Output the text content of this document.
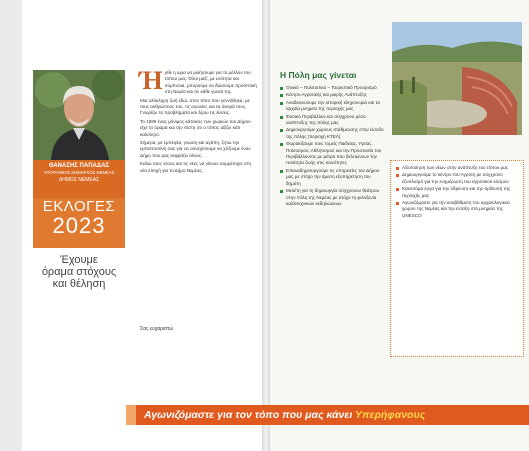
ΘΑΝΑΣΗΣ ΠΑΠΑΔΑΣ
ΥΠΟΨΗΦΙΟΣ ΔΗΜΑΡΧΟΣ ΝΕΜΕΑΣ
ΔΗΜΟΣ ΝΕΜΕΑΣ
ΕΚΛΟΓΕΣ
2023
Έχουμε
όραμα στόχους
και θέληση
Ή ρθε η ώρα να μιλήσουμε για το μέλλον του τόπου μας. Όλοι μαζί, με ενότητα και σύμπνοια, μπορούμε να δώσουμε προοπτική στη Νεμέα και σε κάθε γωνιά της.

Μια ολόκληρη ζωή εδώ, στον τόπο που γεννήθηκα, με τους ανθρώπους του, τις αγωνίες και τα όνειρά τους. Γνωρίζω τα προβλήματα και ξέρω τις λύσεις.

Το 1999 ένας μόνιμος κάτοικος των χωριών του Δήμου είχε το όραμα και την πίστη ότι ο τόπος αξίζει κάτι καλύτερο.

Σήμερα, με εμπειρία, γνώση και αγάπη, ζητώ την εμπιστοσύνη σας για να συνεχίσουμε να χτίζουμε έναν Δήμο που μας εκφράζει όλους.

Καλώ τους νέους και τις νέες να γίνουν συμμέτοχοι στη νέα εποχή για το Δήμο Νεμέας.

Σας ευχαριστώ
Η Πόλη μας γίνεται
Οινικό – Πολιτιστικό – Τουριστικό Προορισμό
Κέντρο Αγροτικής και μικρής Ανάπτυξης
Αναδεικνύουμε την ιστορική κληρονομιά και τα αρχαία μνημεία της περιοχής μας
Φυσικό Περιβάλλον και σύγχρονο μέσο ανάπτυξης της πόλης μας
Δημιουργούμε χώρους στάθμευσης στην είσοδο της πόλης (περιοχή ΚΤΕΛ)
Θωρακίζουμε τους τομείς Παιδείας, Υγείας, Πολιτισμού, Αθλητισμού και την Προστασία του Περιβάλλοντος με μέτρα που βελτιώνουν την ποιότητα ζωής στις κοινότητες
Επαναδημιουργούμε τις υπηρεσίες του Δήμου μας με στόχο την άμεση εξυπηρέτηση του δημότη
Μελέτη για τη δημιουργία σύγχρονου θεάτρου στην πόλη της Νεμέας με στόχο τη φιλοξενία καλλιτεχνικών εκδηλώσεων
Αξιοποίηση των νέων στην ανάπτυξη του τόπου μας
Δημιουργούμε το κέντρο του Αγρότη με σύγχρονο εξοπλισμό για την ενημέρωση του αγροτικού κόσμου
Καινοτόμα έργα για την ύδρευση και την άρδευση της περιοχής μας
Αγωνιζόμαστε για την αναβάθμιση του αρχαιολογικού χώρου της Νεμέας και την ένταξη στα μνημεία της UNESCO
Αγωνιζόμαστε για τον τόπο που μας κάνει Υπερήφανους
